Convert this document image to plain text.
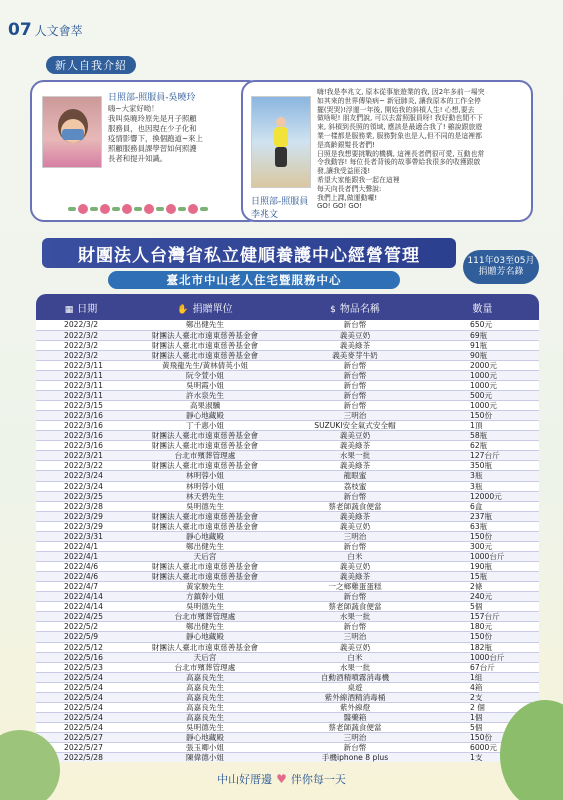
07 人文會萃
新人自我介紹
日照部-照服員-吳曉玲
嗨~大家好呦！
我叫吳曉玲原先是月子照顧
服務員，也因現在少子化和
疫情影響下，換個跑道~來上
照顧服務員課學習如何照護
長者和提升知識。
日照部-照服員
李兆文
嗨!我是李兆文, 原本從事旅遊業的我, 因2年多前一場突
如其來的世界傳染病~ 新冠肺炎, 讓我原本的工作全停
擺(哭哭)!浮運一年後, 開始我的斜槓人生! 心想,要去
做啥呢! 朋友們說, 可以去當照服員呀! 我好動也閒不下
來, 斜槓到長照的領域, 應該是最適合我了! 雖說跟旅遊
業一樣都是服務業, 服務對象也是人,但不同的是這裡都
是高齡銀髮長者們!
日照是我想要挑戰的機構, 這裡長者們很可愛, 互動也常
令我動容! 每位長者背後的故事帶給我很多的收獲跟啟
發,讓我受益匪淺!
希望大家能跟我一起在這裡
每天向長者們大聲說:
我們上課,做運動囉!
GO! GO! GO!
財團法人台灣省私立健順養護中心經營管理
臺北市中山老人住宅暨服務中心
111年03至05月
捐贈芳名錄
▦ 日期	✋ 捐贈單位	$ 物品名稱	數量
2022/3/2	鄭出健先生	新台幣	650元
2022/3/2	財團法人臺北市遠東慈善基金會	義美豆奶	69瓶
2022/3/2	財團法人臺北市遠東慈善基金會	義美綠茶	91瓶
2022/3/2	財團法人臺北市遠東慈善基金會	義美麥芽牛奶	90瓶
2022/3/11	黃飛龍先生/黃林倩英小姐	新台幣	2000元
2022/3/11	阮令萱小姐	新台幣	1000元
2022/3/11	吳明霞小姐	新台幣	1000元
2022/3/11	許水泉先生	新台幣	500元
2022/3/15	高果淑驥	新台幣	1000元
2022/3/16	靜心地藏殿	三明治	150份
2022/3/16	丁千惠小姐	SUZUKI安全氣式安全帽	1頂
2022/3/16	財團法人臺北市遠東慈善基金會	義美豆奶	58瓶
2022/3/16	財團法人臺北市遠東慈善基金會	義美綠茶	62瓶
2022/3/21	台北市殯葬管理處	水果一批	127台斤
2022/3/22	財團法人臺北市遠東慈善基金會	義美綠茶	350瓶
2022/3/24	林明蓉小姐	龍眼蜜	3瓶
2022/3/24	林明蓉小姐	荔枝蜜	3瓶
2022/3/25	林天碧先生	新台幣	12000元
2022/3/28	吳明德先生	蔡老師蔬食便當	6盒
2022/3/29	財團法人臺北市遠東慈善基金會	義美綠茶	237瓶
2022/3/29	財團法人臺北市遠東慈善基金會	義美豆奶	63瓶
2022/3/31	靜心地藏殿	三明治	150份
2022/4/1	鄭出健先生	新台幣	300元
2022/4/1	天后宮	白米	1000台斤
2022/4/6	財團法人臺北市遠東慈善基金會	義美豆奶	190瓶
2022/4/6	財團法人臺北市遠東慈善基金會	義美綠茶	15瓶
2022/4/7	黃家駿先生	一之鄉雞蛋蛋糕	2條
2022/4/14	方鎮幹小姐	新台幣	240元
2022/4/14	吳明德先生	蔡老師蔬食便當	5個
2022/4/25	台北市殯葬管理處	水果一批	157台斤
2022/5/2	鄭出健先生	新台幣	180元
2022/5/9	靜心地藏殿	三明治	150份
2022/5/12	財團法人臺北市遠東慈善基金會	義美豆奶	182瓶
2022/5/16	天后宮	白米	1000台斤
2022/5/23	台北市殯葬管理處	水果一批	67台斤
2022/5/24	高嘉良先生	自動酒精噴霧消毒機	1組
2022/5/24	高嘉良先生	桌遊	4箱
2022/5/24	高嘉良先生	紫外線酒精消毒桶	2支
2022/5/24	高嘉良先生	紫外線燈	2 個
2022/5/24	高嘉良先生	醫藥箱	1個
2022/5/24	吳明德先生	蔡老師蔬食便當	5個
2022/5/27	靜心地藏殿	三明治	150份
2022/5/27	張玉卿小姐	新台幣	6000元
2022/5/28	陳偉德小姐	手機iphone 8 plus	1支
中山好厝邊 ♥ 伴你每一天
